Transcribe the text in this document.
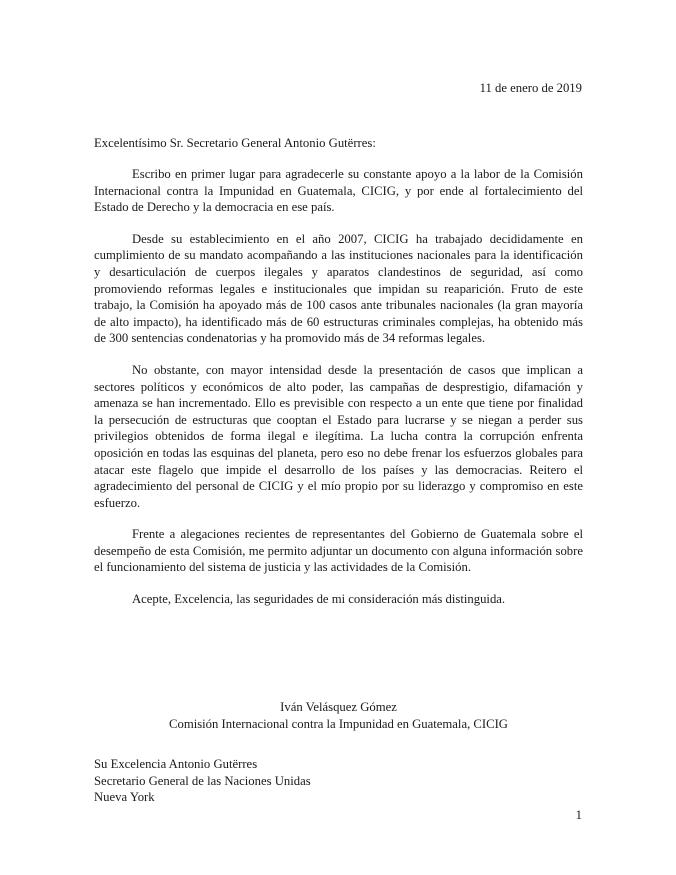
11 de enero de 2019
Excelentísimo Sr. Secretario General Antonio Gutërres:

Escribo en primer lugar para agradecerle su constante apoyo a la labor de la Comisión Internacional contra la Impunidad en Guatemala, CICIG, y por ende al fortalecimiento del Estado de Derecho y la democracia en ese país.

Desde su establecimiento en el año 2007, CICIG ha trabajado decididamente en cumplimiento de su mandato acompañando a las instituciones nacionales para la identificación y desarticulación de cuerpos ilegales y aparatos clandestinos de seguridad, así como promoviendo reformas legales e institucionales que impidan su reaparición. Fruto de este trabajo, la Comisión ha apoyado más de 100 casos ante tribunales nacionales (la gran mayoría de alto impacto), ha identificado más de 60 estructuras criminales complejas, ha obtenido más de 300 sentencias condenatorias y ha promovido más de 34 reformas legales.

No obstante, con mayor intensidad desde la presentación de casos que implican a sectores políticos y económicos de alto poder, las campañas de desprestigio, difamación y amenaza se han incrementado. Ello es previsible con respecto a un ente que tiene por finalidad la persecución de estructuras que cooptan el Estado para lucrarse y se niegan a perder sus privilegios obtenidos de forma ilegal e ilegítima. La lucha contra la corrupción enfrenta oposición en todas las esquinas del planeta, pero eso no debe frenar los esfuerzos globales para atacar este flagelo que impide el desarrollo de los países y las democracias. Reitero el agradecimiento del personal de CICIG y el mío propio por su liderazgo y compromiso en este esfuerzo.

Frente a alegaciones recientes de representantes del Gobierno de Guatemala sobre el desempeño de esta Comisión, me permito adjuntar un documento con alguna información sobre el funcionamiento del sistema de justicia y las actividades de la Comisión.

Acepte, Excelencia, las seguridades de mi consideración más distinguida.

Iván Velásquez Gómez
Comisión Internacional contra la Impunidad en Guatemala, CICIG
Su Excelencia Antonio Gutërres
Secretario General de las Naciones Unidas
Nueva York
1
